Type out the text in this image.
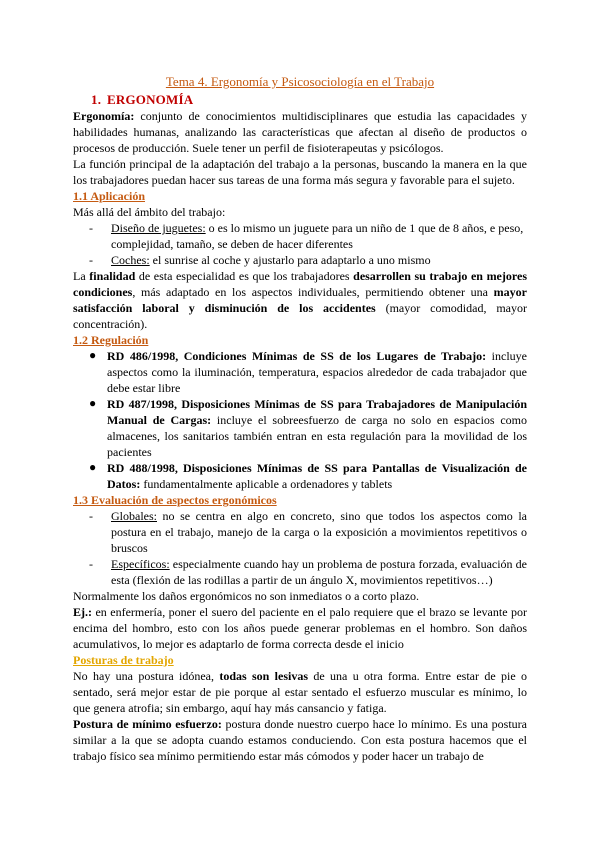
Tema 4. Ergonomía y Psicosociología en el Trabajo
1. ERGONOMÍA

Ergonomía: conjunto de conocimientos multidisciplinares que estudia las capacidades y habilidades humanas, analizando las características que afectan al diseño de productos o procesos de producción. Suele tener un perfil de fisioterapeutas y psicólogos.

La función principal de la adaptación del trabajo a la personas, buscando la manera en la que los trabajadores puedan hacer sus tareas de una forma más segura y favorable para el sujeto.

1.1 Aplicación

Más allá del ámbito del trabajo:

- Diseño de juguetes: o es lo mismo un juguete para un niño de 1 que de 8 años, e peso, complejidad, tamaño, se deben de hacer diferentes
- Coches: el sunrise al coche y ajustarlo para adaptarlo a uno mismo

La finalidad de esta especialidad es que los trabajadores desarrollen su trabajo en mejores condiciones, más adaptado en los aspectos individuales, permitiendo obtener una mayor satisfacción laboral y disminución de los accidentes (mayor comodidad, mayor concentración).

1.2 Regulación
● RD 486/1998, Condiciones Mínimas de SS de los Lugares de Trabajo: incluye aspectos como la iluminación, temperatura, espacios alrededor de cada trabajador que debe estar libre
● RD 487/1998, Disposiciones Mínimas de SS para Trabajadores de Manipulación Manual de Cargas: incluye el sobreesfuerzo de carga no solo en espacios como almacenes, los sanitarios también entran en esta regulación para la movilidad de los pacientes
● RD 488/1998, Disposiciones Mínimas de SS para Pantallas de Visualización de Datos: fundamentalmente aplicable a ordenadores y tablets
1.3 Evaluación de aspectos ergonómicos
- Globales: no se centra en algo en concreto, sino que todos los aspectos como la postura en el trabajo, manejo de la carga o la exposición a movimientos repetitivos o bruscos
- Específicos: especialmente cuando hay un problema de postura forzada, evaluación de esta (flexión de las rodillas a partir de un ángulo X, movimientos repetitivos…)

Normalmente los daños ergonómicos no son inmediatos o a corto plazo.

Ej.: en enfermería, poner el suero del paciente en el palo requiere que el brazo se levante por encima del hombro, esto con los años puede generar problemas en el hombro. Son daños acumulativos, lo mejor es adaptarlo de forma correcta desde el inicio

Posturas de trabajo

No hay una postura idónea, todas son lesivas de una u otra forma. Entre estar de pie o sentado, será mejor estar de pie porque al estar sentado el esfuerzo muscular es mínimo, lo que genera atrofia; sin embargo, aquí hay más cansancio y fatiga.

Postura de mínimo esfuerzo: postura donde nuestro cuerpo hace lo mínimo. Es una postura similar a la que se adopta cuando estamos conduciendo. Con esta postura hacemos que el trabajo físico sea mínimo permitiendo estar más cómodos y poder hacer un trabajo de
